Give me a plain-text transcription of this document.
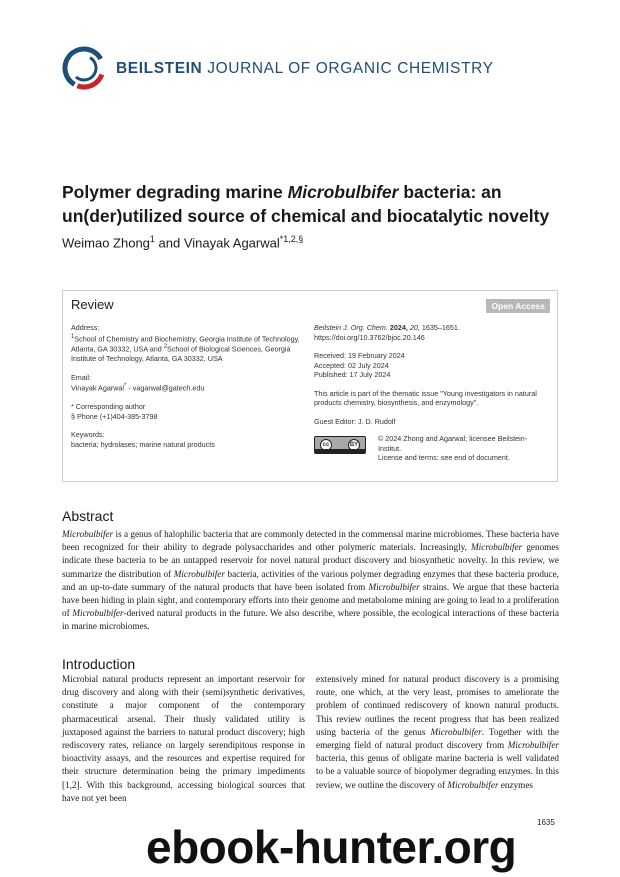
BEILSTEIN JOURNAL OF ORGANIC CHEMISTRY
Polymer degrading marine Microbulbifer bacteria: an un(der)utilized source of chemical and biocatalytic novelty
Weimao Zhong$^1$ and Vinayak Agarwal$^{*1,2,\S}$
Review	Open Access
Address:
$^1$School of Chemistry and Biochemistry, Georgia Institute of Technology, Atlanta, GA 30332, USA and $^2$School of Biological Sciences, Georgia Institute of Technology, Atlanta, GA 30332, USA
Email:
Vinayak Agarwal* - vagarwal@gatech.edu
* Corresponding author
§ Phone (+1)404-385-3798
Keywords:
bacteria; hydrolases; marine natural products
Beilstein J. Org. Chem. 2024, 20, 1635–1651.
https://doi.org/10.3762/bjoc.20.146
Received: 19 February 2024
Accepted: 02 July 2024
Published: 17 July 2024
This article is part of the thematic issue "Young investigators in natural products chemistry, biosynthesis, and enzymology".
Guest Editor: J. D. Rudolf
cc	BY
© 2024 Zhong and Agarwal; licensee Beilstein-Institut.
License and terms: see end of document.
Abstract

Microbulbifer is a genus of halophilic bacteria that are commonly detected in the commensal marine microbiomes. These bacteria have been recognized for their ability to degrade polysaccharides and other polymeric materials. Increasingly, Microbulbifer genomes indicate these bacteria to be an untapped reservoir for novel natural product discovery and biosynthetic novelty. In this review, we summarize the distribution of Microbulbifer bacteria, activities of the various polymer degrading enzymes that these bacteria produce, and an up-to-date summary of the natural products that have been isolated from Microbulbifer strains. We argue that these bacteria have been hiding in plain sight, and contemporary efforts into their genome and metabolome mining are going to lead to a proliferation of Microbulbifer-derived natural products in the future. We also describe, where possible, the ecological interactions of these bacteria in marine microbiomes.

Introduction

Microbial natural products represent an important reservoir for drug discovery and along with their (semi)synthetic derivatives, constitute a major component of the contemporary pharmaceutical arsenal. Their thusly validated utility is juxtaposed against the barriers to natural product discovery; high rediscovery rates, reliance on largely serendipitous response in bioactivity assays, and the resources and expertise required for their structure determination being the primary impediments [1,2]. With this background, accessing biological sources that have not yet been

extensively mined for natural product discovery is a promising route, one which, at the very least, promises to ameliorate the problem of continued rediscovery of known natural products. This review outlines the recent progress that has been realized using bacteria of the genus Microbulbifer. Together with the emerging field of natural product discovery from Microbulbifer bacteria, this genus of obligate marine bacteria is well validated to be a valuable source of biopolymer degrading enzymes. In this review, we outline the discovery of Microbulbifer enzymes

1635
ebook-hunter.org
